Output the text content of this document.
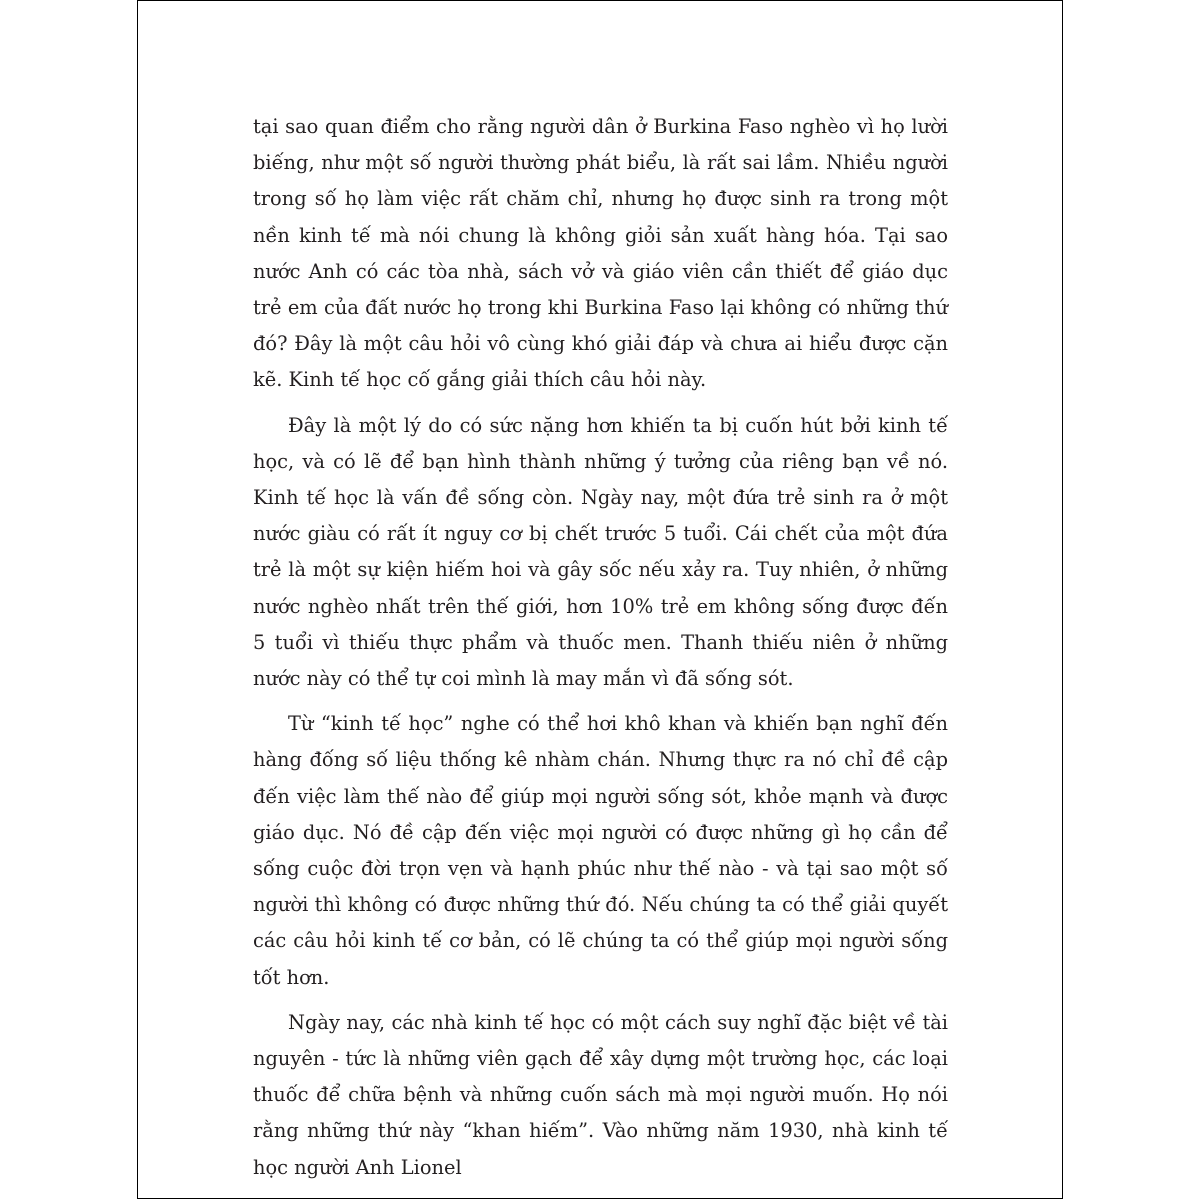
tại sao quan điểm cho rằng người dân ở Burkina Faso nghèo vì họ lười biếng, như một số người thường phát biểu, là rất sai lầm. Nhiều người trong số họ làm việc rất chăm chỉ, nhưng họ được sinh ra trong một nền kinh tế mà nói chung là không giỏi sản xuất hàng hóa. Tại sao nước Anh có các tòa nhà, sách vở và giáo viên cần thiết để giáo dục trẻ em của đất nước họ trong khi Burkina Faso lại không có những thứ đó? Đây là một câu hỏi vô cùng khó giải đáp và chưa ai hiểu được cặn kẽ. Kinh tế học cố gắng giải thích câu hỏi này.

Đây là một lý do có sức nặng hơn khiến ta bị cuốn hút bởi kinh tế học, và có lẽ để bạn hình thành những ý tưởng của riêng bạn về nó. Kinh tế học là vấn đề sống còn. Ngày nay, một đứa trẻ sinh ra ở một nước giàu có rất ít nguy cơ bị chết trước 5 tuổi. Cái chết của một đứa trẻ là một sự kiện hiếm hoi và gây sốc nếu xảy ra. Tuy nhiên, ở những nước nghèo nhất trên thế giới, hơn 10% trẻ em không sống được đến 5 tuổi vì thiếu thực phẩm và thuốc men. Thanh thiếu niên ở những nước này có thể tự coi mình là may mắn vì đã sống sót.

Từ “kinh tế học” nghe có thể hơi khô khan và khiến bạn nghĩ đến hàng đống số liệu thống kê nhàm chán. Nhưng thực ra nó chỉ đề cập đến việc làm thế nào để giúp mọi người sống sót, khỏe mạnh và được giáo dục. Nó đề cập đến việc mọi người có được những gì họ cần để sống cuộc đời trọn vẹn và hạnh phúc như thế nào - và tại sao một số người thì không có được những thứ đó. Nếu chúng ta có thể giải quyết các câu hỏi kinh tế cơ bản, có lẽ chúng ta có thể giúp mọi người sống tốt hơn.

Ngày nay, các nhà kinh tế học có một cách suy nghĩ đặc biệt về tài nguyên - tức là những viên gạch để xây dựng một trường học, các loại thuốc để chữa bệnh và những cuốn sách mà mọi người muốn. Họ nói rằng những thứ này “khan hiếm”. Vào những năm 1930, nhà kinh tế học người Anh Lionel
